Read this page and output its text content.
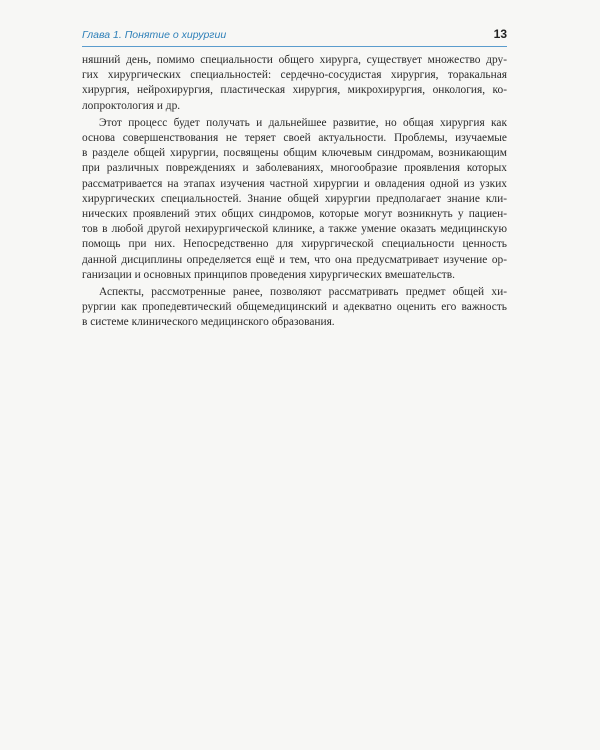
Глава 1. Понятие о хирургии	13
няшний день, помимо специальности общего хирурга, существует множество дру-
гих хирургических специальностей: сердечно-сосудистая хирургия, торакальная
хирургия, нейрохирургия, пластическая хирургия, микрохирургия, онкология, ко-
лопроктология и др.
Этот процесс будет получать и дальнейшее развитие, но общая хирургия как
основа совершенствования не теряет своей актуальности. Проблемы, изучаемые
в разделе общей хирургии, посвящены общим ключевым синдромам, возникающим
при различных повреждениях и заболеваниях, многообразие проявления которых
рассматривается на этапах изучения частной хирургии и овладения одной из узких
хирургических специальностей. Знание общей хирургии предполагает знание кли-
нических проявлений этих общих синдромов, которые могут возникнуть у пациен-
тов в любой другой нехирургической клинике, а также умение оказать медицинскую
помощь при них. Непосредственно для хирургической специальности ценность
данной дисциплины определяется ещё и тем, что она предусматривает изучение ор-
ганизации и основных принципов проведения хирургических вмешательств.
Аспекты, рассмотренные ранее, позволяют рассматривать предмет общей хи-
рургии как пропедевтический общемедицинский и адекватно оценить его важность
в системе клинического медицинского образования.
